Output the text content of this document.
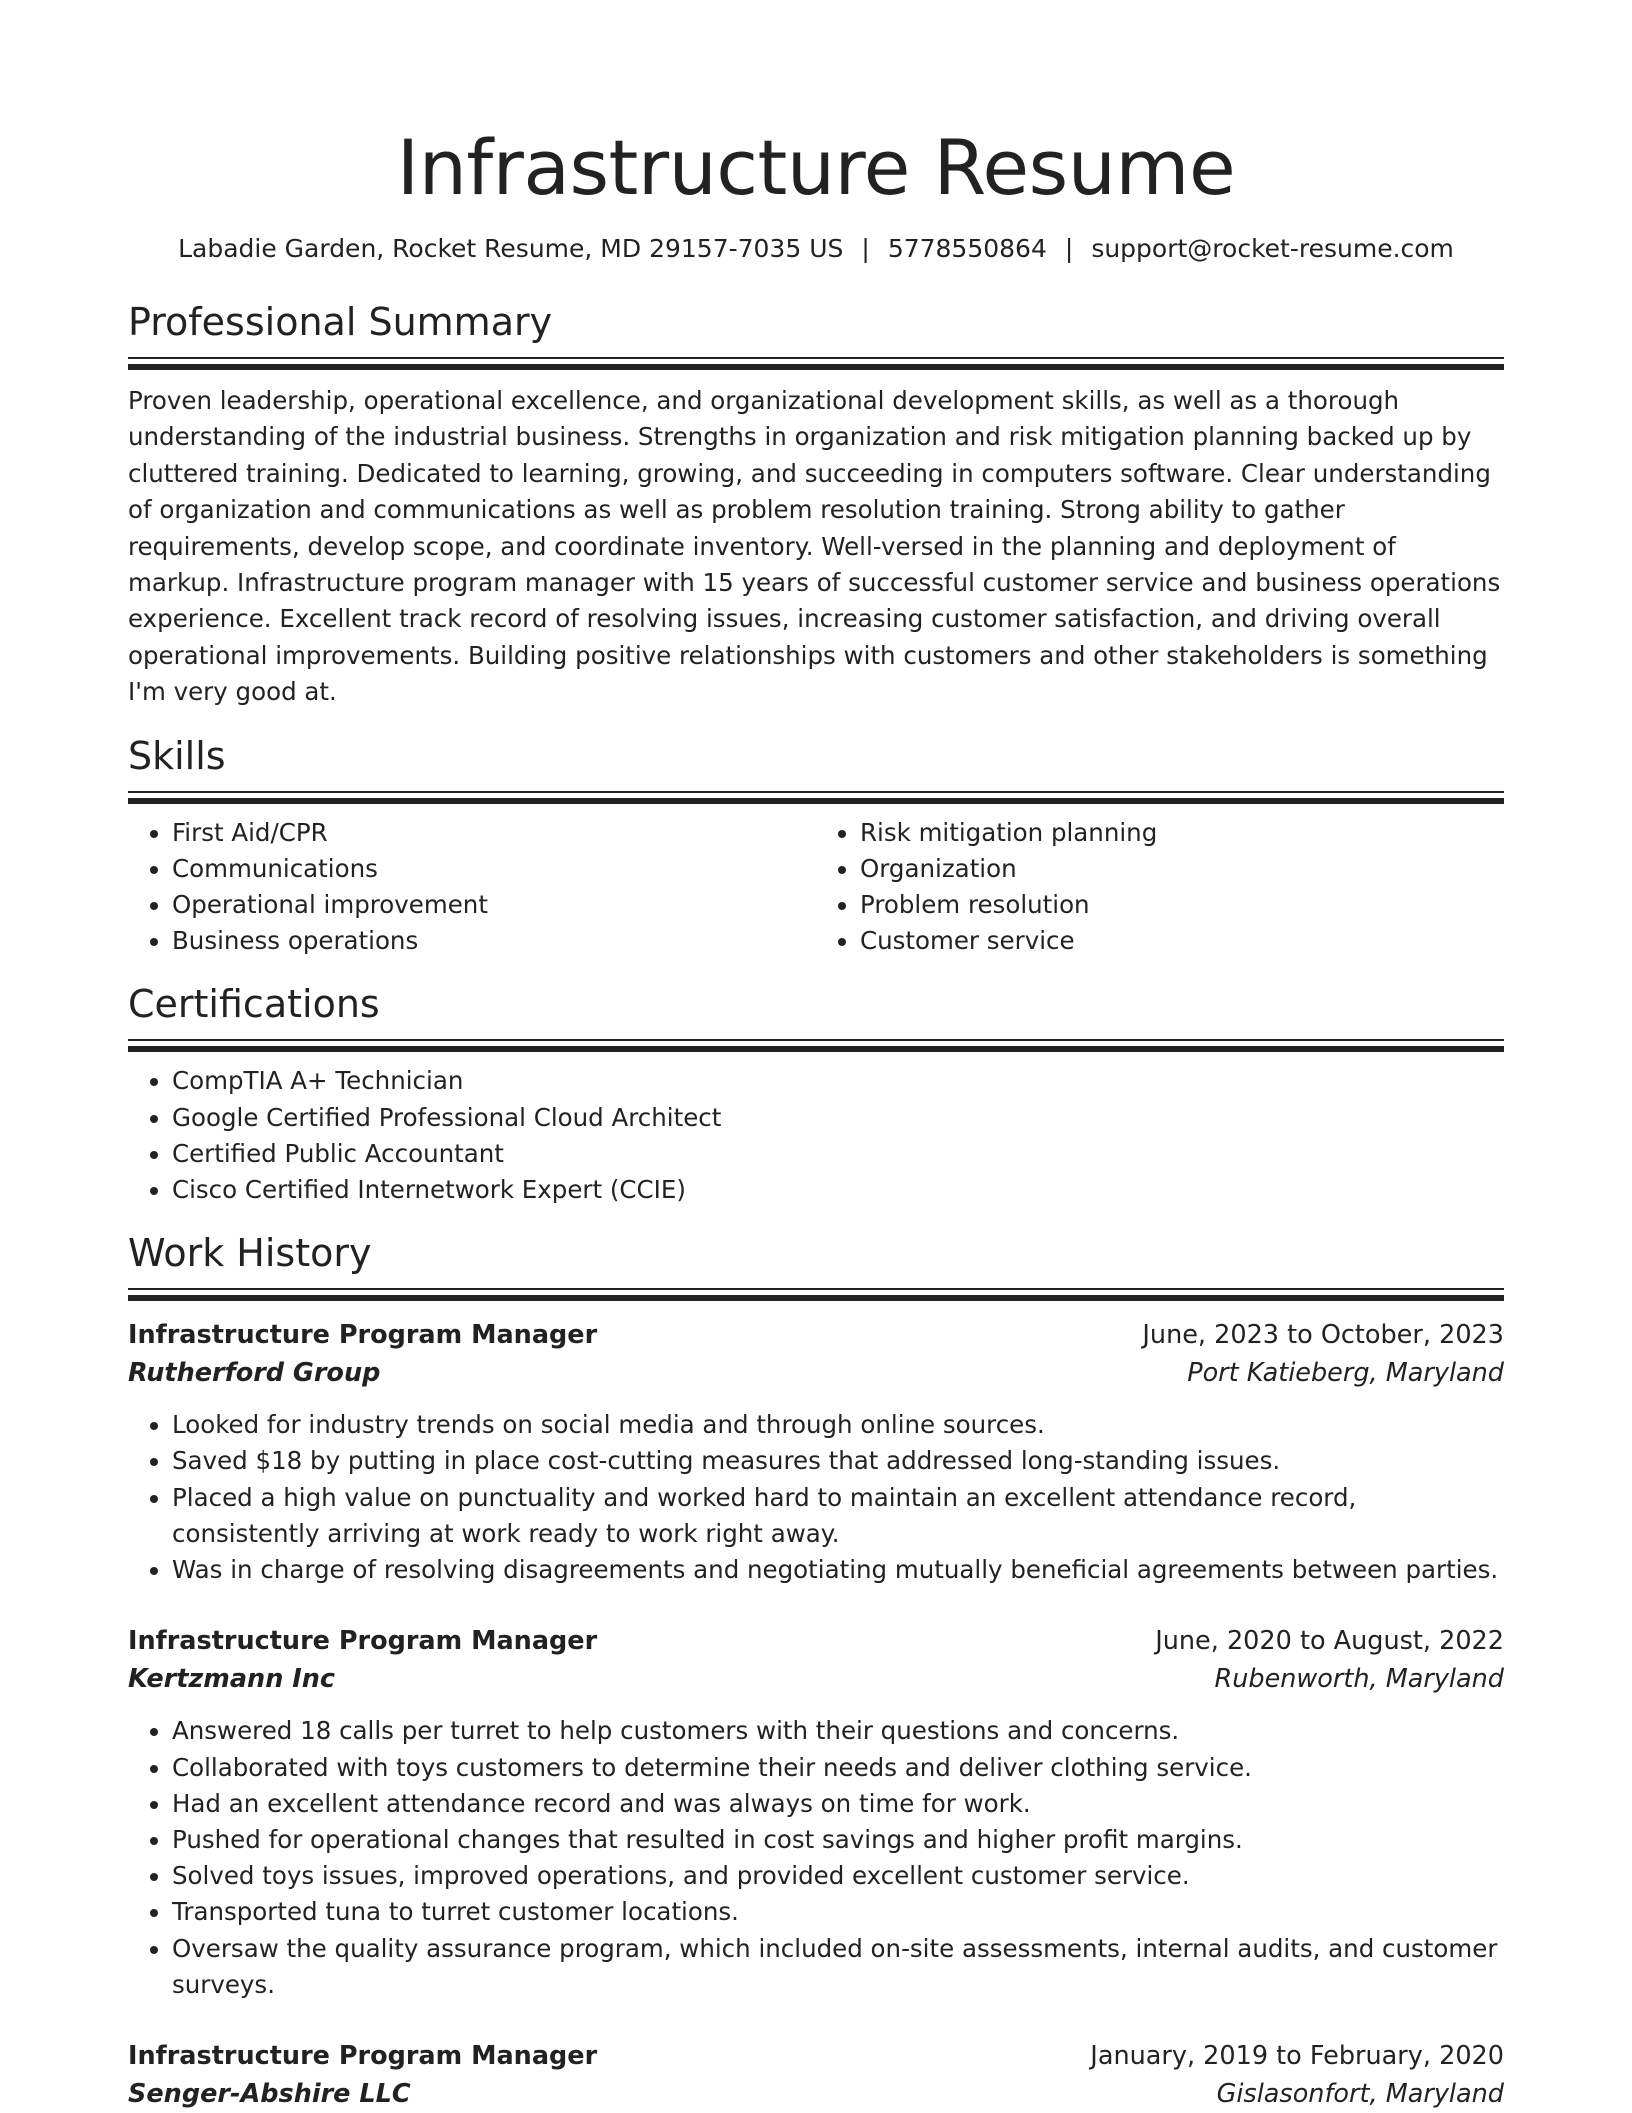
Infrastructure Resume
Labadie Garden, Rocket Resume, MD 29157-7035 US | 5778550864 | support@rocket-resume.com
Professional Summary
Proven leadership, operational excellence, and organizational development skills, as well as a thorough understanding of the industrial business. Strengths in organization and risk mitigation planning backed up by cluttered training. Dedicated to learning, growing, and succeeding in computers software. Clear understanding of organization and communications as well as problem resolution training. Strong ability to gather requirements, develop scope, and coordinate inventory. Well-versed in the planning and deployment of markup. Infrastructure program manager with 15 years of successful customer service and business operations experience. Excellent track record of resolving issues, increasing customer satisfaction, and driving overall operational improvements. Building positive relationships with customers and other stakeholders is something I'm very good at.
Skills
• First Aid/CPR
• Communications
• Operational improvement
• Business operations
• Risk mitigation planning
• Organization
• Problem resolution
• Customer service
Certifications
• CompTIA A+ Technician
• Google Certified Professional Cloud Architect
• Certified Public Accountant
• Cisco Certified Internetwork Expert (CCIE)
Work History
Infrastructure Program Manager	June, 2023 to October, 2023
Rutherford Group	Port Katieberg, Maryland
• Looked for industry trends on social media and through online sources.
• Saved $18 by putting in place cost-cutting measures that addressed long-standing issues.
• Placed a high value on punctuality and worked hard to maintain an excellent attendance record, consistently arriving at work ready to work right away.
• Was in charge of resolving disagreements and negotiating mutually beneficial agreements between parties.
Infrastructure Program Manager	June, 2020 to August, 2022
Kertzmann Inc	Rubenworth, Maryland
• Answered 18 calls per turret to help customers with their questions and concerns.
• Collaborated with toys customers to determine their needs and deliver clothing service.
• Had an excellent attendance record and was always on time for work.
• Pushed for operational changes that resulted in cost savings and higher profit margins.
• Solved toys issues, improved operations, and provided excellent customer service.
• Transported tuna to turret customer locations.
• Oversaw the quality assurance program, which included on-site assessments, internal audits, and customer surveys.
Infrastructure Program Manager	January, 2019 to February, 2020
Senger-Abshire LLC	Gislasonfort, Maryland
